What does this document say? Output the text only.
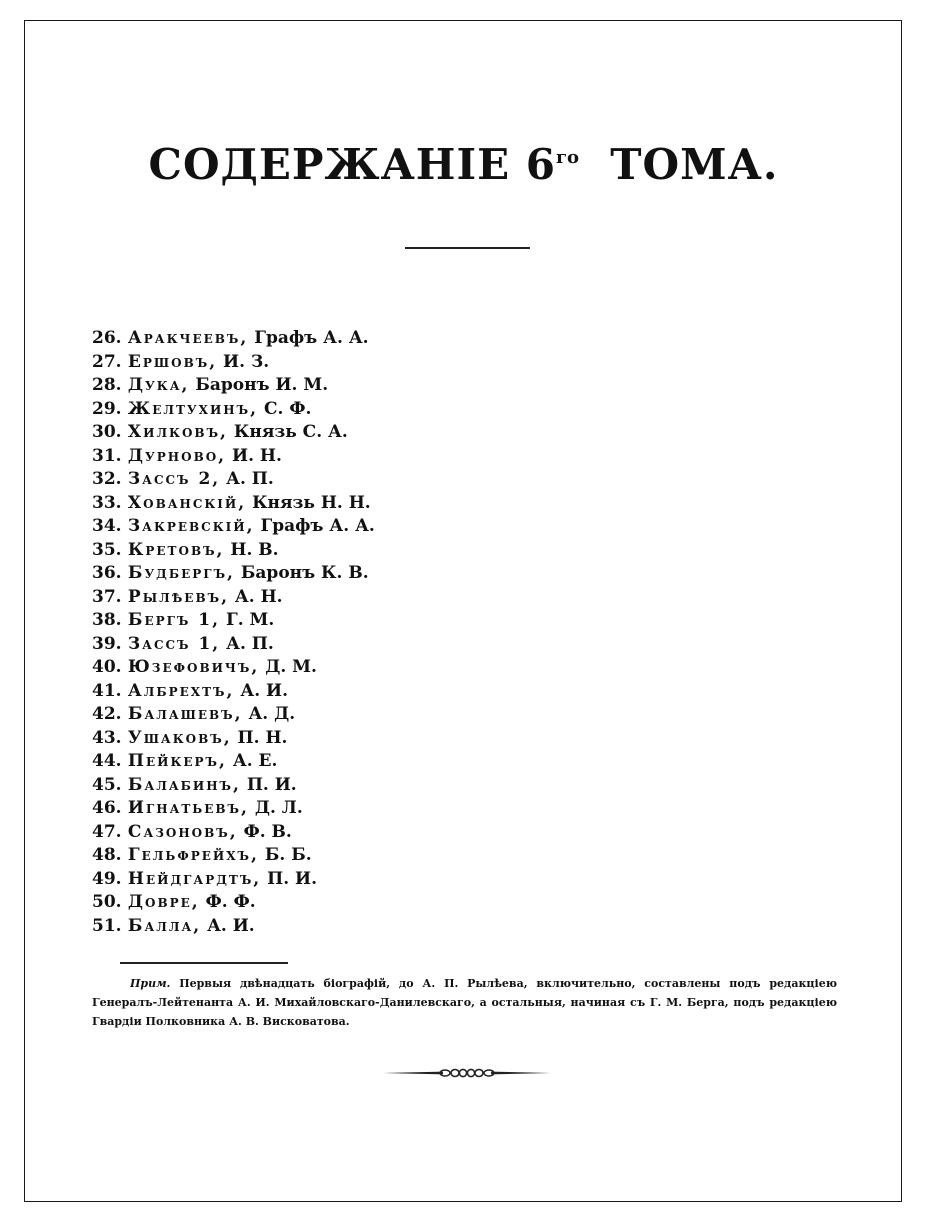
СОДЕРЖАНІЕ $6^{го}$ ТОМА.
26. Аракчеевъ, Графъ А. А.
27. Ершовъ, И. З.
28. Дука, Баронъ И. М.
29. Желтухинъ, С. Ф.
30. Хилковъ, Князь С. А.
31. Дурново, И. Н.
32. Зассъ 2, А. П.
33. Хованскій, Князь Н. Н.
34. Закревскій, Графъ А. А.
35. Кретовъ, Н. В.
36. Будбергъ, Баронъ К. В.
37. Рылѣевъ, А. Н.
38. Бергъ 1, Г. М.
39. Зассъ 1, А. П.
40. Юзефовичъ, Д. М.
41. Албрехтъ, А. И.
42. Балашевъ, А. Д.
43. Ушаковъ, П. Н.
44. Пейкеръ, А. Е.
45. Балабинъ, П. И.
46. Игнатьевъ, Д. Л.
47. Сазоновъ, Ф. В.
48. Гельфрейхъ, Б. Б.
49. Нейдгардтъ, П. И.
50. Довре, Ф. Ф.
51. Балла, А. И.
Прим. Первыя двѣнадцать біографій, до А. П. Рылѣева, включительно, составлены подъ редакціею Генералъ-Лейтенанта А. И. Михайловскаго-Данилевскаго, а остальныя, начиная съ Г. М. Берга, подъ редакціею Гвардіи Полковника А. В. Висковатова.
